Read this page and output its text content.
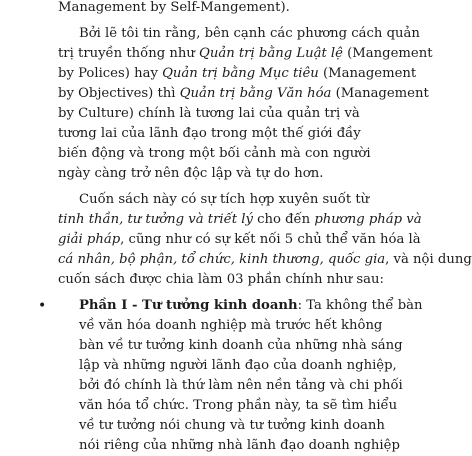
Management by Self-Mangement).

Bởi lẽ tôi tin rằng, bên cạnh các phương cách quản

trị truyền thống như Quản trị bằng Luật lệ (Mangement

by Polices) hay Quản trị bằng Mục tiêu (Management

by Objectives) thì Quản trị bằng Văn hóa (Management

by Culture) chính là tương lai của quản trị và

tương lai của lãnh đạo trong một thế giới đầy

biến động và trong một bối cảnh mà con người

ngày càng trở nên độc lập và tự do hơn.

Cuốn sách này có sự tích hợp xuyên suốt từ

tinh thần, tư tưởng và triết lý cho đến phương pháp và

giải pháp, cũng như có sự kết nối 5 chủ thể văn hóa là

cá nhân, bộ phận, tổ chức, kinh thương, quốc gia, và nội dung

cuốn sách được chia làm 03 phần chính như sau:

• Phần I - Tư tưởng kinh doanh: Ta không thể bàn

về văn hóa doanh nghiệp mà trước hết không

bàn về tư tưởng kinh doanh của những nhà sáng

lập và những người lãnh đạo của doanh nghiệp,

bởi đó chính là thứ làm nên nền tảng và chi phối

văn hóa tổ chức. Trong phần này, ta sẽ tìm hiểu

về tư tưởng nói chung và tư tưởng kinh doanh

nói riêng của những nhà lãnh đạo doanh nghiệp
